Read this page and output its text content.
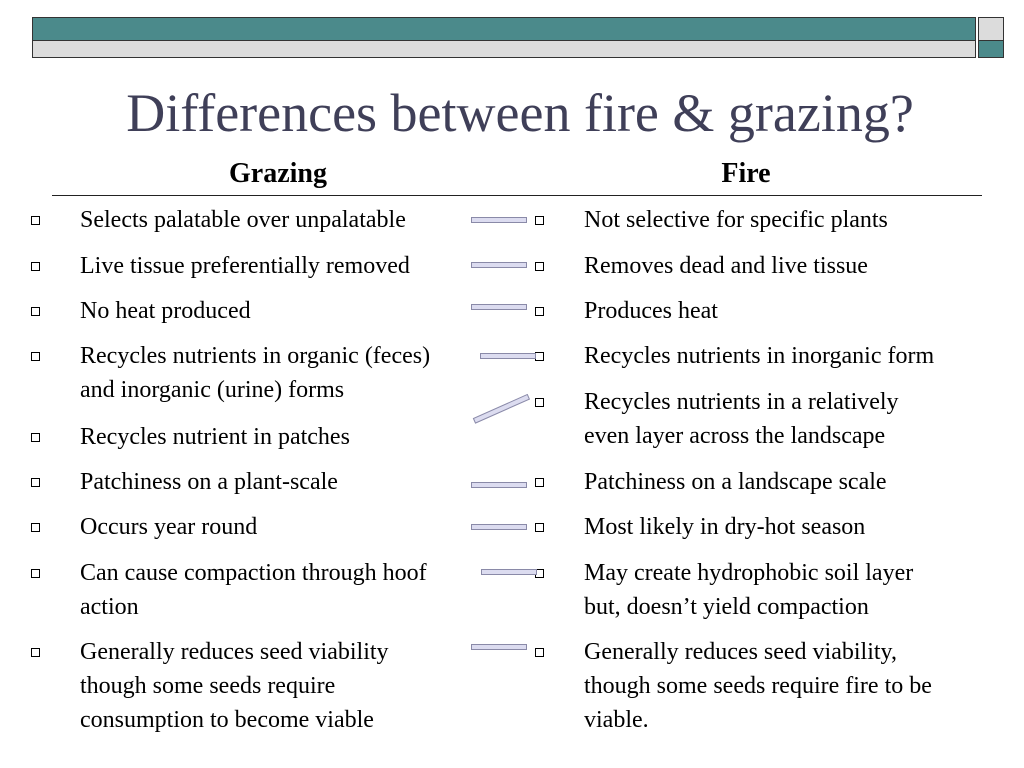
Differences between fire & grazing?
Grazing	Fire
Selects palatable over unpalatable
Live tissue preferentially removed
No heat produced
Recycles nutrients in organic (feces)
and inorganic (urine) forms
Recycles nutrient in patches
Patchiness on a plant-scale
Occurs year round
Can cause compaction through hoof
action
Generally reduces seed viability
though some seeds require
consumption to become viable
Not selective for specific plants
Removes dead and live tissue
Produces heat
Recycles nutrients in inorganic form
Recycles nutrients in a relatively
even layer across the landscape
Patchiness on a landscape scale
Most likely in dry-hot season
May create hydrophobic soil layer
but, doesn’t yield compaction
Generally reduces seed viability,
though some seeds require fire to be
viable.
